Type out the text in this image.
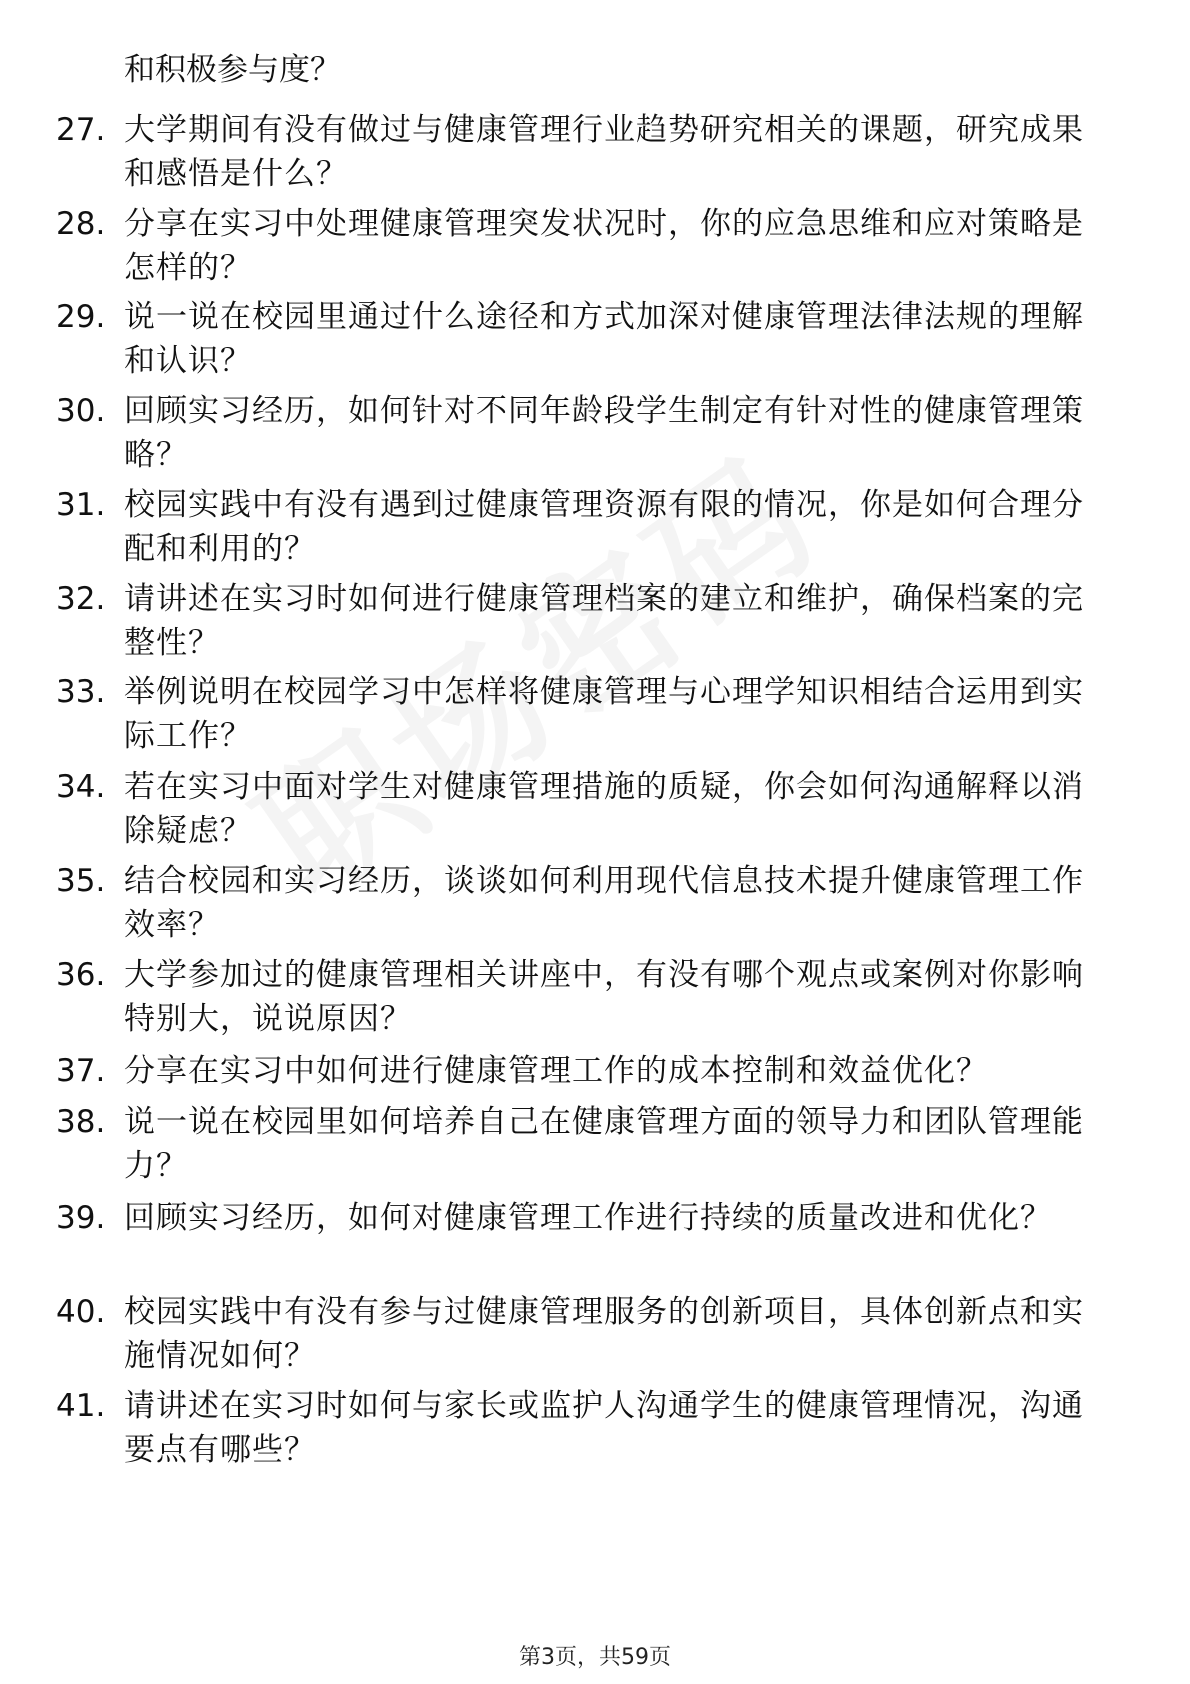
和积极参与度？
27. 大学期间有没有做过与健康管理行业趋势研究相关的课题，研究成果和感悟是什么？
28. 分享在实习中处理健康管理突发状况时，你的应急思维和应对策略是怎样的？
29. 说一说在校园里通过什么途径和方式加深对健康管理法律法规的理解和认识？
30. 回顾实习经历，如何针对不同年龄段学生制定有针对性的健康管理策略？
31. 校园实践中有没有遇到过健康管理资源有限的情况，你是如何合理分配和利用的？
32. 请讲述在实习时如何进行健康管理档案的建立和维护，确保档案的完整性？
33. 举例说明在校园学习中怎样将健康管理与心理学知识相结合运用到实际工作？
34. 若在实习中面对学生对健康管理措施的质疑，你会如何沟通解释以消除疑虑？
35. 结合校园和实习经历，谈谈如何利用现代信息技术提升健康管理工作效率？
36. 大学参加过的健康管理相关讲座中，有没有哪个观点或案例对你影响特别大，说说原因？
37. 分享在实习中如何进行健康管理工作的成本控制和效益优化？
38. 说一说在校园里如何培养自己在健康管理方面的领导力和团队管理能力？
39. 回顾实习经历，如何对健康管理工作进行持续的质量改进和优化？
40. 校园实践中有没有参与过健康管理服务的创新项目，具体创新点和实施情况如何？
41. 请讲述在实习时如何与家长或监护人沟通学生的健康管理情况，沟通要点有哪些？
第3页，共59页
